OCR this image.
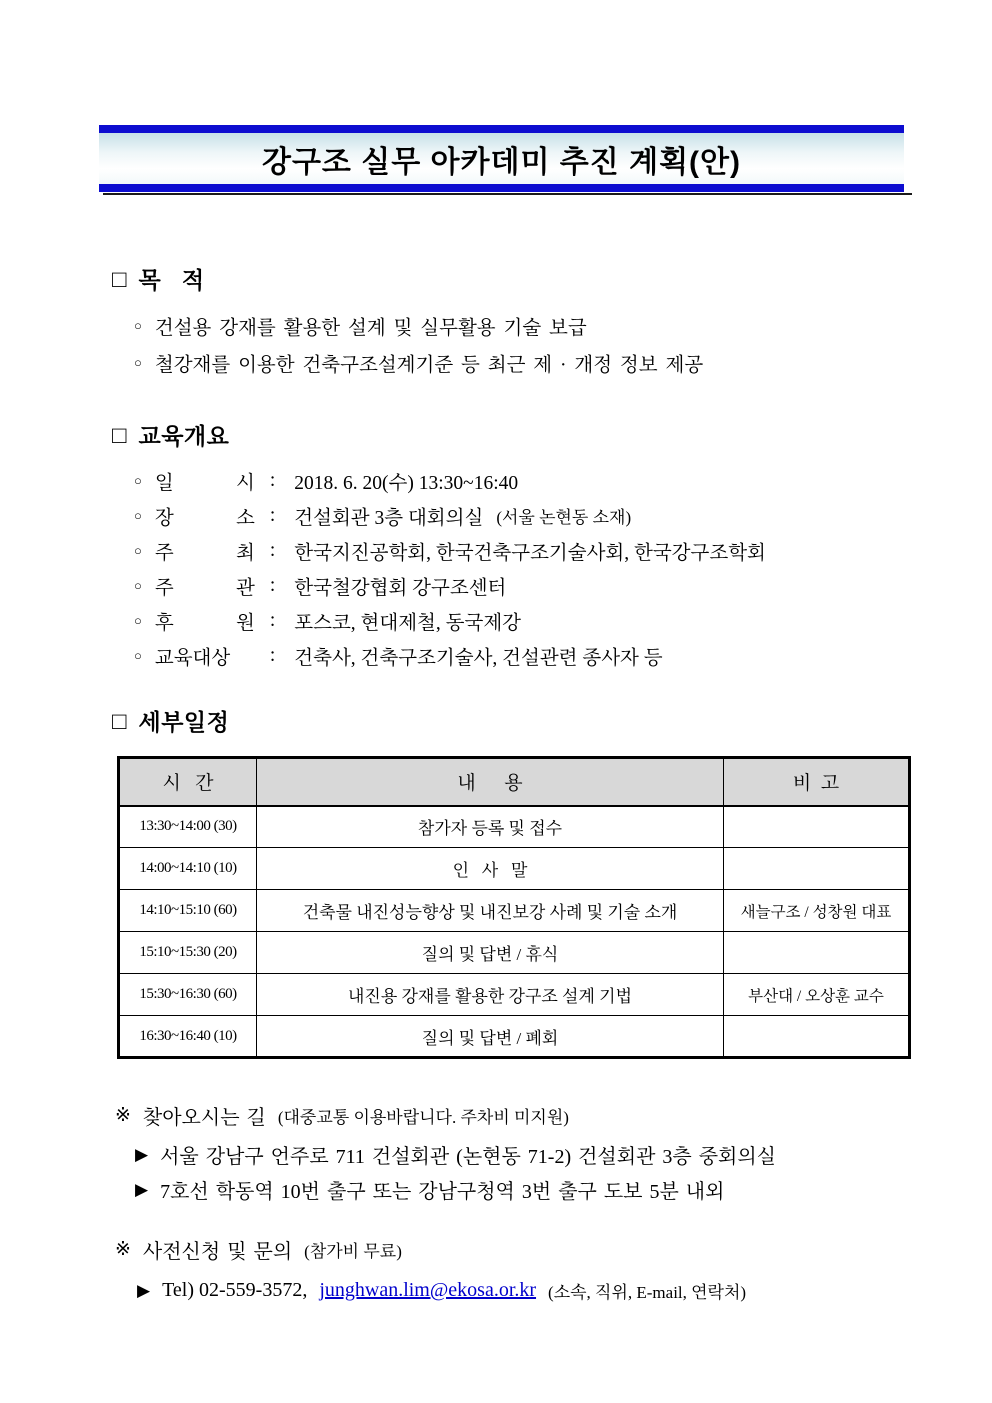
강구조 실무 아카데미 추진 계획(안)
□ 목   적
○ 건설용 강재를 활용한 설계 및 실무활용 기술 보급
○ 철강재를 이용한 건축구조설계기준 등 최근 제 · 개정 정보 제공
□ 교육개요
○ 일 시 : 2018. 6. 20(수) 13:30~16:40
○ 장 소 : 건설회관 3층 대회의실 (서울 논현동 소재)
○ 주 최 : 한국지진공학회, 한국건축구조기술사회, 한국강구조학회
○ 주 관 : 한국철강협회 강구조센터
○ 후 원 : 포스코, 현대제철, 동국제강
○ 교육대상	: 건축사, 건축구조기술사, 건설관련 종사자 등
□ 세부일정
시   간	내      용	비  고
13:30~14:00 (30)	참가자 등록 및 접수	
14:00~14:10 (10)	인   사   말	
14:10~15:10 (60)	건축물 내진성능향상 및 내진보강 사례 및 기술 소개	새늘구조 / 성창원 대표
15:10~15:30 (20)	질의 및 답변 / 휴식	
15:30~16:30 (60)	내진용 강재를 활용한 강구조 설계 기법	부산대 / 오상훈 교수
16:30~16:40 (10)	질의 및 답변 / 폐회	
※ 찾아오시는 길 (대중교통 이용바랍니다. 주차비 미지원)
▶ 서울 강남구 언주로 711 건설회관 (논현동 71-2) 건설회관 3층 중회의실
▶ 7호선 학동역 10번 출구 또는 강남구청역 3번 출구 도보 5분 내외
※ 사전신청 및 문의 (참가비 무료)
▶ Tel) 02-559-3572, junghwan.lim@ekosa.or.kr (소속, 직위, E-mail, 연락처)
